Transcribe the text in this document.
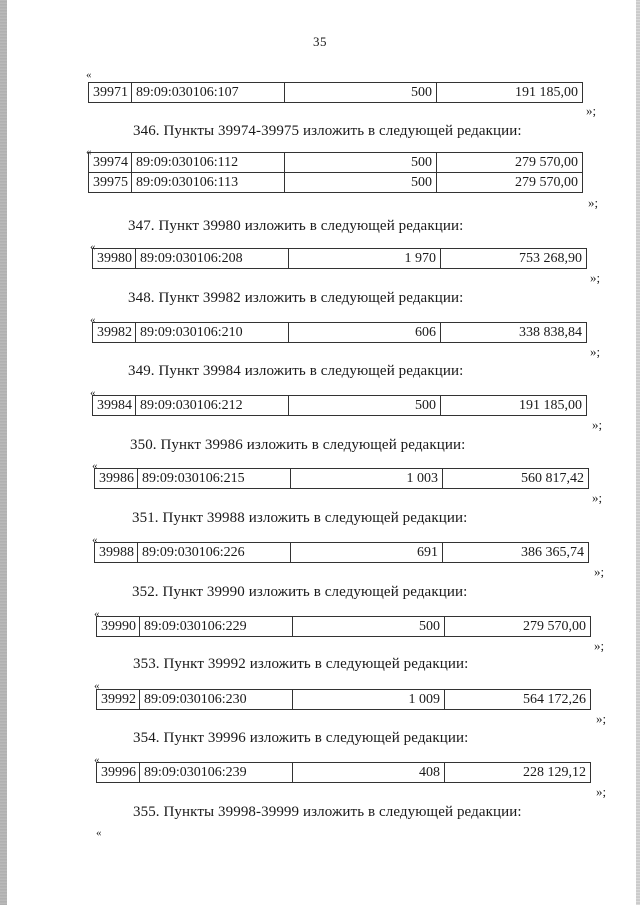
35
«
39971	89:09:030106:107	500	191 185,00
»;
346. Пункты 39974-39975 изложить в следующей редакции:
«
39974	89:09:030106:112	500	279 570,00
39975	89:09:030106:113	500	279 570,00
»;
347. Пункт 39980 изложить в следующей редакции:
«
39980	89:09:030106:208	1 970	753 268,90
»;
348. Пункт 39982 изложить в следующей редакции:
«
39982	89:09:030106:210	606	338 838,84
»;
349. Пункт 39984 изложить в следующей редакции:
«
39984	89:09:030106:212	500	191 185,00
»;
350. Пункт 39986 изложить в следующей редакции:
«
39986	89:09:030106:215	1 003	560 817,42
»;
351. Пункт 39988 изложить в следующей редакции:
«
39988	89:09:030106:226	691	386 365,74
»;
352. Пункт 39990 изложить в следующей редакции:
«
39990	89:09:030106:229	500	279 570,00
»;
353. Пункт 39992 изложить в следующей редакции:
«
39992	89:09:030106:230	1 009	564 172,26
»;
354. Пункт 39996 изложить в следующей редакции:
«
39996	89:09:030106:239	408	228 129,12
»;
355. Пункты 39998-39999 изложить в следующей редакции:
«
